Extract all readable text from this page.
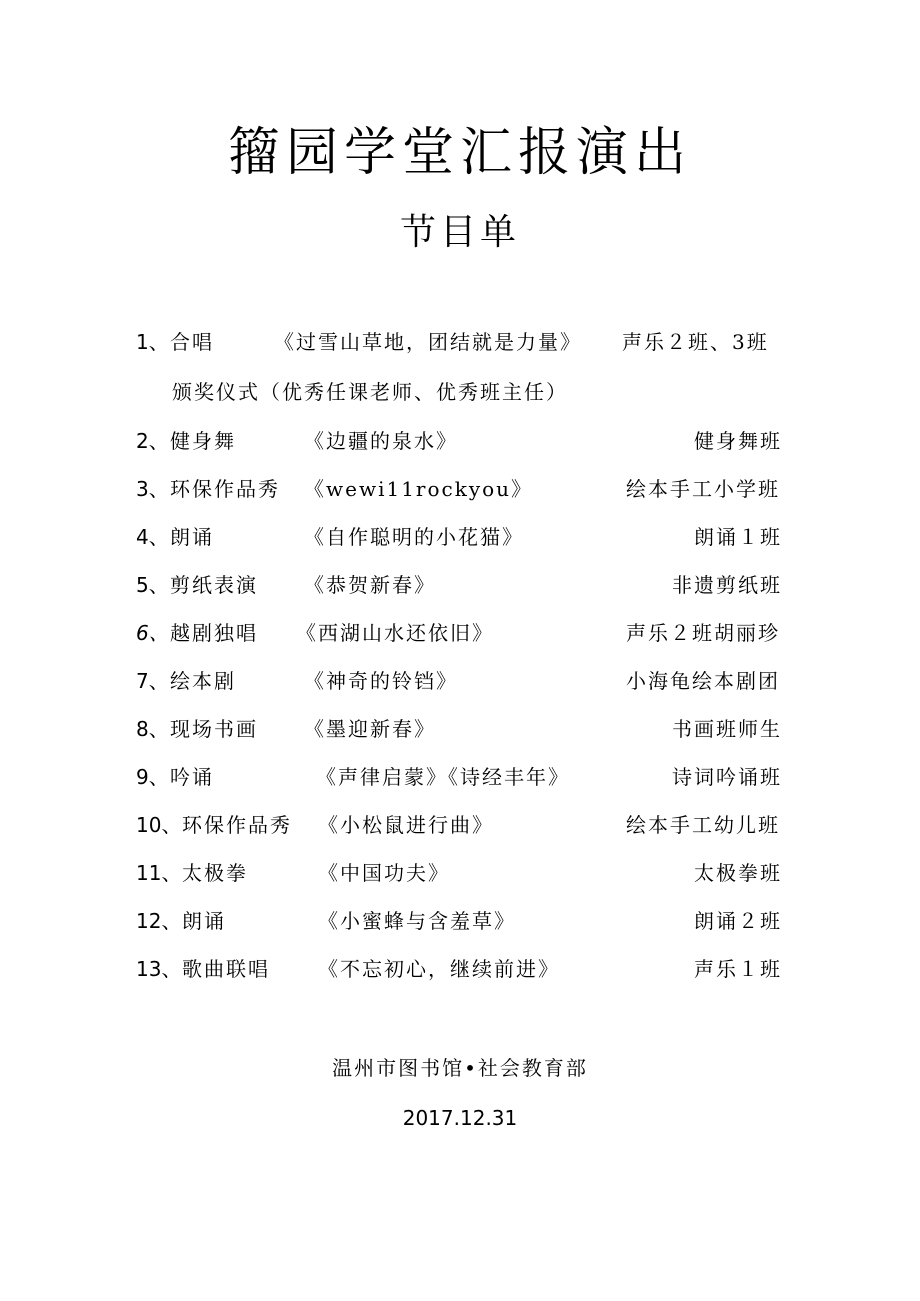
籀园学堂汇报演出
节目单
1、 合唱	《过雪山草地，团结就是力量》 声乐２班、3班
颁奖仪式（优秀任课老师、优秀班主任）
2、 健身舞	《边疆的泉水》	健身舞班
3、 环保作品秀 《wewi11rockyou》	绘本手工小学班
4、 朗诵	《自作聪明的小花猫》	朗诵１班
5、 剪纸表演 《恭贺新春》	非遗剪纸班
6、 越剧独唱 《西湖山水还依旧》	声乐２班胡丽珍
7、 绘本剧	《神奇的铃铛》	小海龟绘本剧团
8、 现场书画 《墨迎新春》	书画班师生
9、 吟诵	《声律启蒙》《诗经丰年》	诗词吟诵班
10、 环保作品秀 《小松鼠进行曲》	绘本手工幼儿班
11、 太极拳	《中国功夫》	太极拳班
12、 朗诵	《小蜜蜂与含羞草》	朗诵２班
13、 歌曲联唱 《不忘初心，继续前进》	声乐１班
温州市图书馆•社会教育部
2017.12.31
